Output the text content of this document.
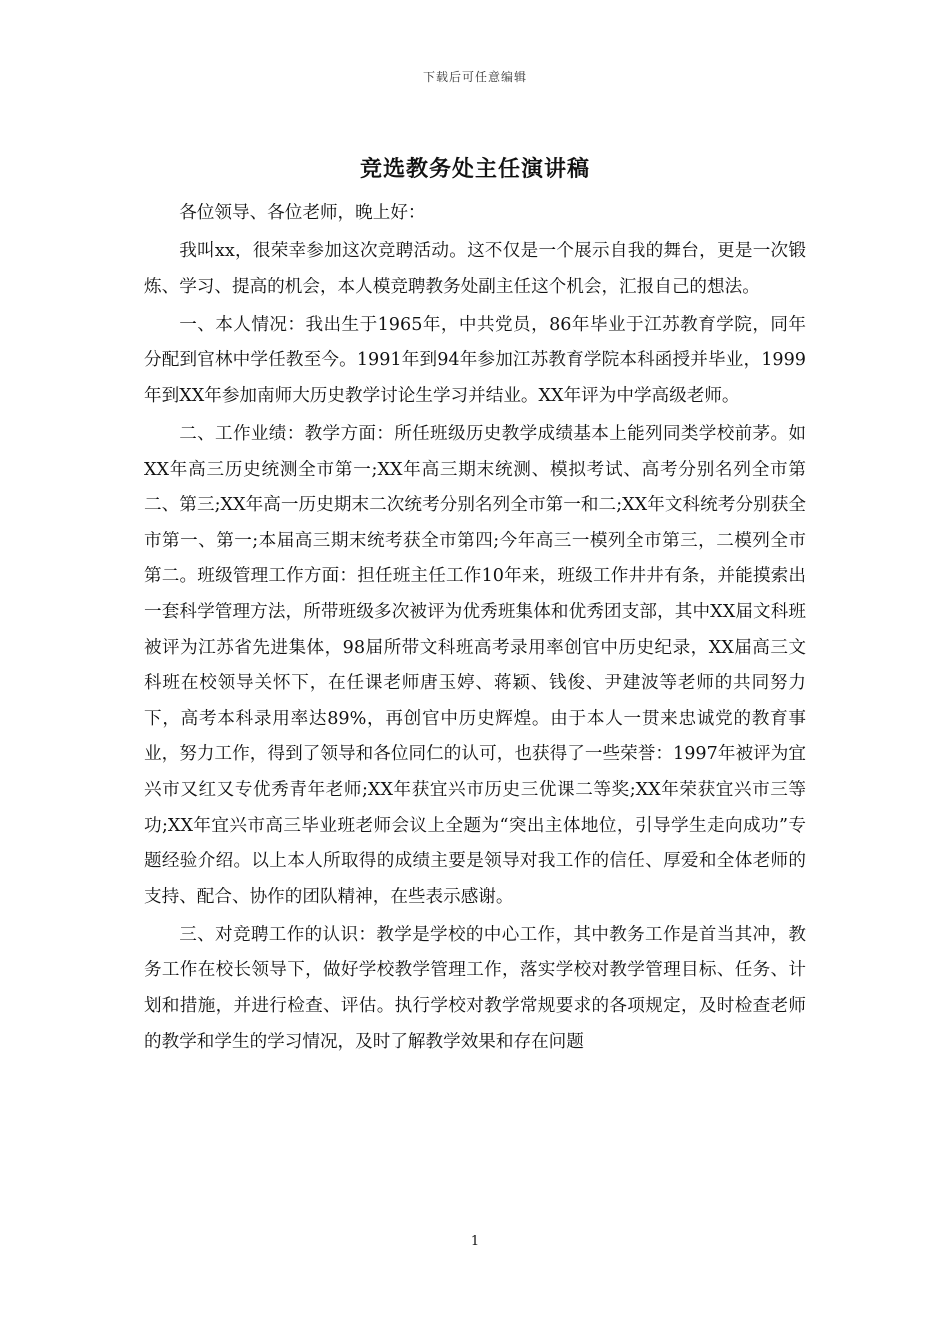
下载后可任意编辑
竞选教务处主任演讲稿

各位领导、各位老师，晚上好：

我叫xx，很荣幸参加这次竞聘活动。这不仅是一个展示自我的舞台，更是一次锻炼、学习、提高的机会，本人模竞聘教务处副主任这个机会，汇报自己的想法。

一、本人情况：我出生于1965年，中共党员，86年毕业于江苏教育学院，同年分配到官林中学任教至今。1991年到94年参加江苏教育学院本科函授并毕业，1999年到XX年参加南师大历史教学讨论生学习并结业。XX年评为中学高级老师。

二、工作业绩：教学方面：所任班级历史教学成绩基本上能列同类学校前茅。如XX年高三历史统测全市第一;XX年高三期末统测、模拟考试、高考分别名列全市第二、第三;XX年高一历史期末二次统考分别名列全市第一和二;XX年文科统考分别获全市第一、第一;本届高三期末统考获全市第四;今年高三一模列全市第三，二模列全市第二。班级管理工作方面：担任班主任工作10年来，班级工作井井有条，并能摸索出一套科学管理方法，所带班级多次被评为优秀班集体和优秀团支部，其中XX届文科班被评为江苏省先进集体，98届所带文科班高考录用率创官中历史纪录，XX届高三文科班在校领导关怀下，在任课老师唐玉婷、蒋颖、钱俊、尹建波等老师的共同努力下，高考本科录用率达89%，再创官中历史辉煌。由于本人一贯来忠诚党的教育事业，努力工作，得到了领导和各位同仁的认可，也获得了一些荣誉：1997年被评为宜兴市又红又专优秀青年老师;XX年获宜兴市历史三优课二等奖;XX年荣获宜兴市三等功;XX年宜兴市高三毕业班老师会议上全题为“突出主体地位，引导学生走向成功”专题经验介绍。以上本人所取得的成绩主要是领导对我工作的信任、厚爱和全体老师的支持、配合、协作的团队精神，在些表示感谢。

三、对竞聘工作的认识：教学是学校的中心工作，其中教务工作是首当其冲，教务工作在校长领导下，做好学校教学管理工作，落实学校对教学管理目标、任务、计划和措施，并进行检查、评估。执行学校对教学常规要求的各项规定，及时检查老师的教学和学生的学习情况，及时了解教学效果和存在问题

1
